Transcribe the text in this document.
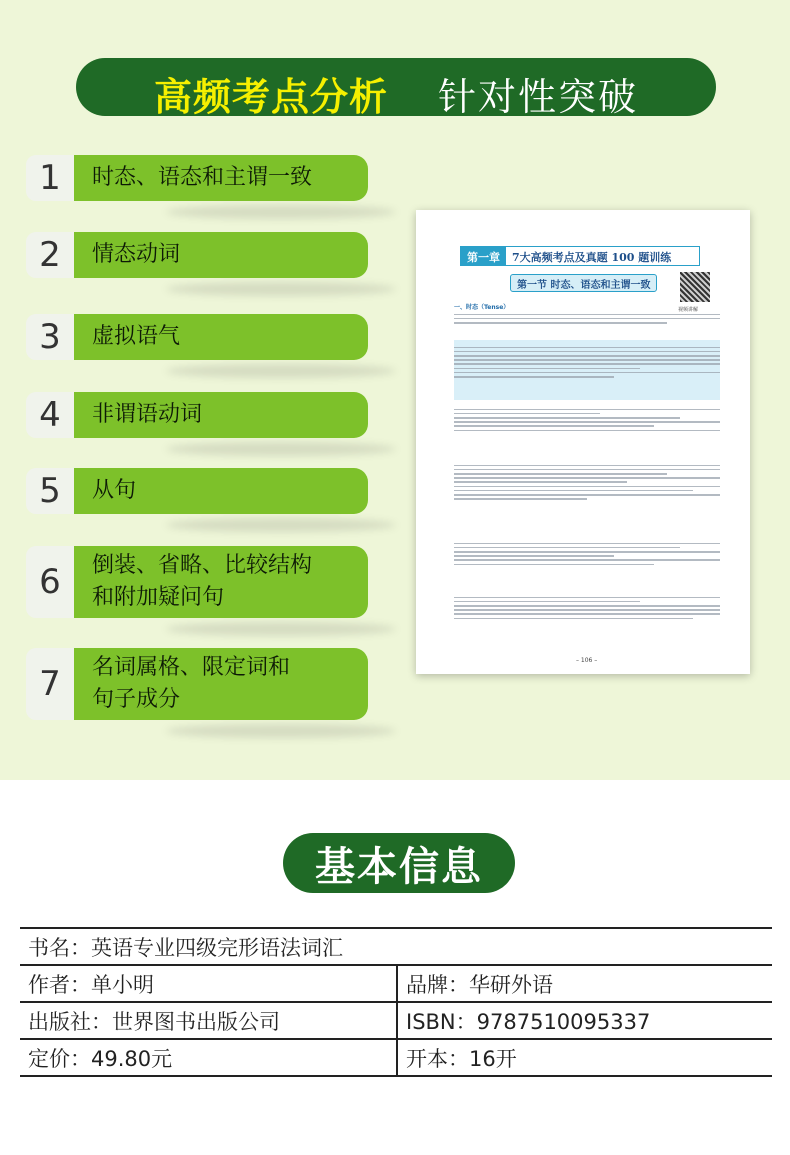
高频考点分析 针对性突破
1	时态、语态和主谓一致
2	情态动词
3	虚拟语气
4	非谓语动词
5	从句
6	倒装、省略、比较结构
和附加疑问句
7	名词属格、限定词和
句子成分
第一章	7大高频考点及真题 100 题训练
第一节 时态、语态和主谓一致
视频讲解
一、时态（Tense）
– 106 –
基本信息
书名：英语专业四级完形语法词汇
作者：单小明	品牌：华研外语
出版社：世界图书出版公司	ISBN：9787510095337
定价：49.80元	开本：16开
